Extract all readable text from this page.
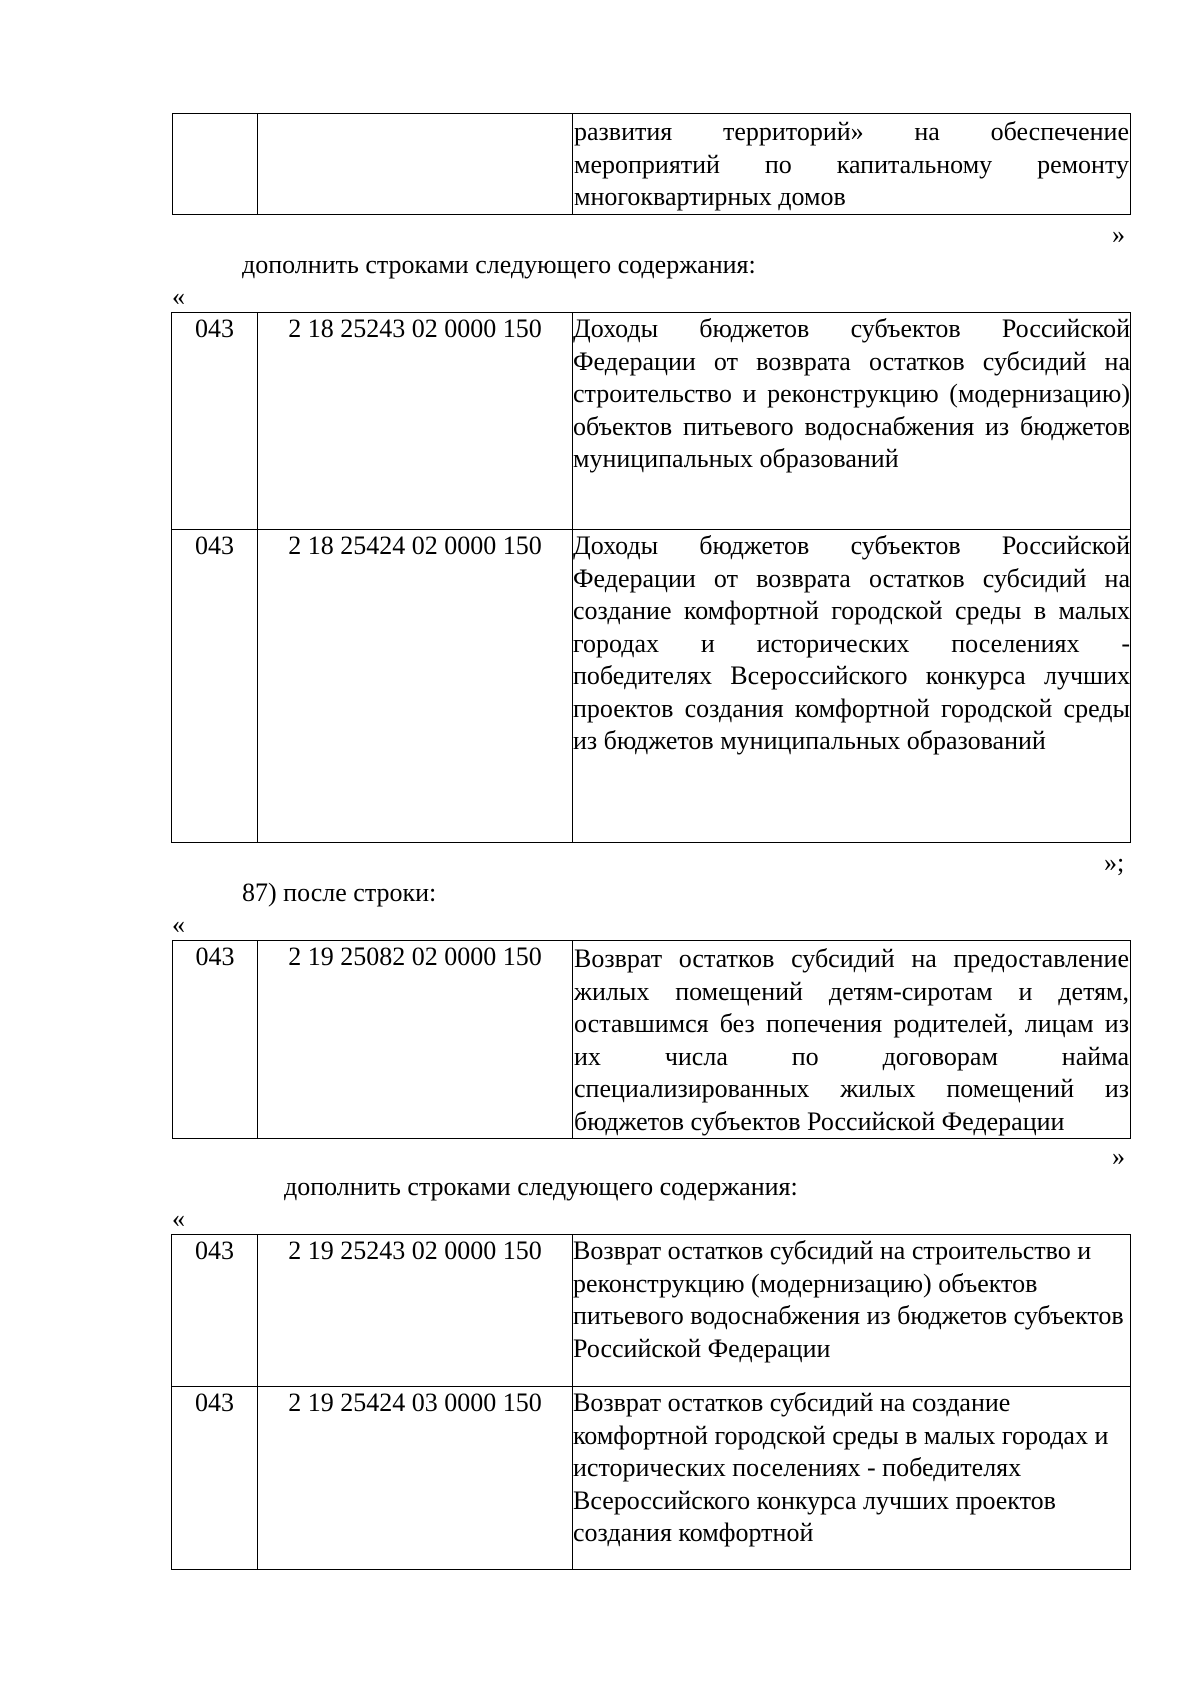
		развития территорий» на обеспечение мероприятий по капитальному ремонту многоквартирных домов
»
дополнить строками следующего содержания:
«
043	2 18 25243 02 0000 150	Доходы бюджетов субъектов Российской Федерации от возврата остатков субсидий на строительство и реконструкцию (модернизацию) объектов питьевого водоснабжения из бюджетов муниципальных образований
043	2 18 25424 02 0000 150	Доходы бюджетов субъектов Российской Федерации от возврата остатков субсидий на создание комфортной городской среды в малых городах и исторических поселениях - победителях Всероссийского конкурса лучших проектов создания комфортной городской среды из бюджетов муниципальных образований
»;
87) после строки:
«
043	2 19 25082 02 0000 150	Возврат остатков субсидий на предоставление жилых помещений детям-сиротам и детям, оставшимся без попечения родителей, лицам из их числа по договорам найма специализированных жилых помещений из бюджетов субъектов Российской Федерации
»
дополнить строками следующего содержания:
«
043	2 19 25243 02 0000 150	Возврат остатков субсидий на строительство и реконструкцию (модернизацию) объектов питьевого водоснабжения из бюджетов субъектов Российской Федерации
043	2 19 25424 03 0000 150	Возврат остатков субсидий на создание комфортной городской среды в малых городах и исторических поселениях - победителях Всероссийского конкурса лучших проектов создания комфортной
